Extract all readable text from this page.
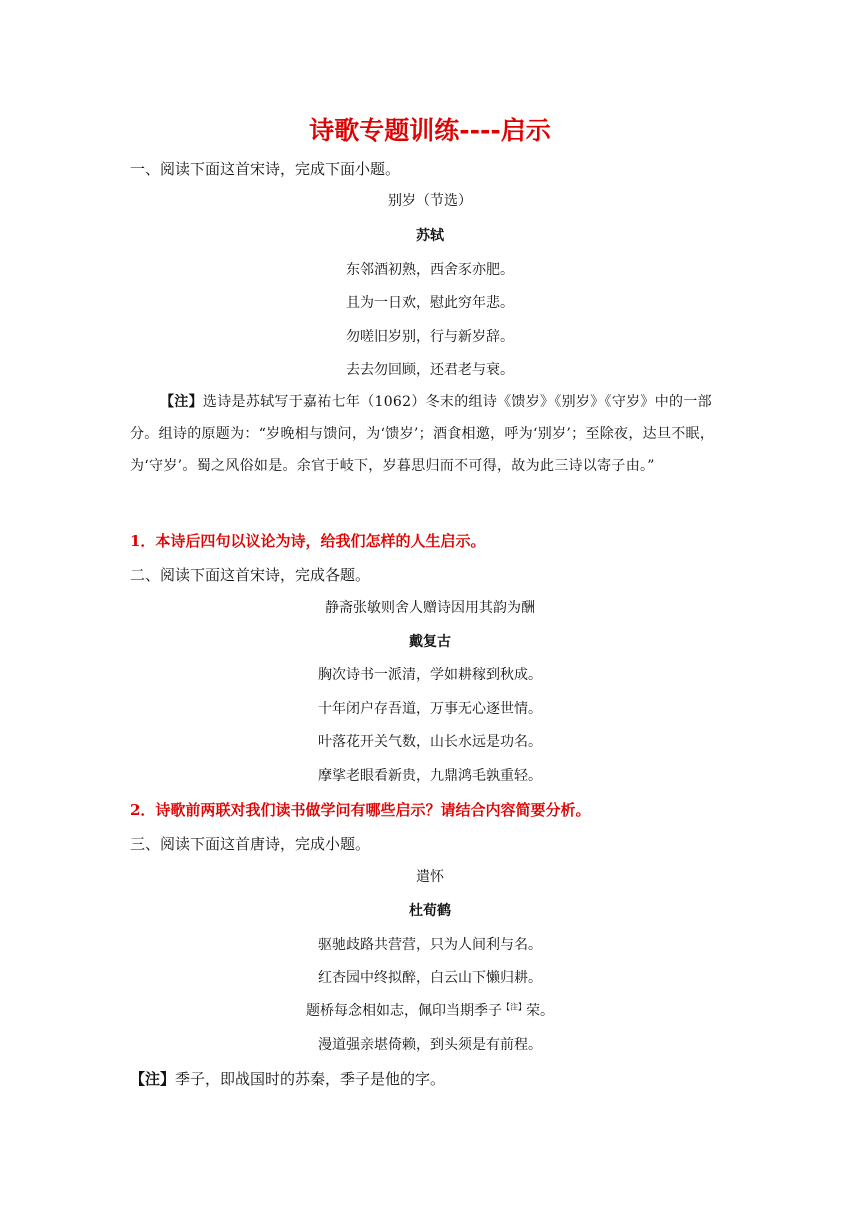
诗歌专题训练----启示
一、阅读下面这首宋诗，完成下面小题。
别岁（节选）
苏轼
东邻酒初熟，西舍豕亦肥。
且为一日欢，慰此穷年悲。
勿嗟旧岁别，行与新岁辞。
去去勿回顾，还君老与衰。
【注】选诗是苏轼写于嘉祐七年（1062）冬末的组诗《馈岁》《别岁》《守岁》中的一部分。组诗的原题为：“岁晚相与馈问，为‘馈岁’；酒食相邀，呼为‘别岁’；至除夜，达旦不眠，为‘守岁’。蜀之风俗如是。余官于岐下，岁暮思归而不可得，故为此三诗以寄子由。”
1．本诗后四句以议论为诗，给我们怎样的人生启示。
二、阅读下面这首宋诗，完成各题。
静斋张敏则舍人赠诗因用其韵为酬
戴复古
胸次诗书一派清，学如耕稼到秋成。
十年闭户存吾道，万事无心逐世情。
叶落花开关气数，山长水远是功名。
摩挲老眼看新贵，九鼎鸿毛孰重轻。
2．诗歌前两联对我们读书做学问有哪些启示？请结合内容简要分析。
三、阅读下面这首唐诗，完成小题。
遣怀
杜荀鹤
驱驰歧路共营营，只为人间利与名。
红杏园中终拟醉，白云山下懒归耕。
题桥每念相如志，佩印当期季子$^{【注】}$荣。
漫道强亲堪倚赖，到头须是有前程。
【注】季子，即战国时的苏秦，季子是他的字。
